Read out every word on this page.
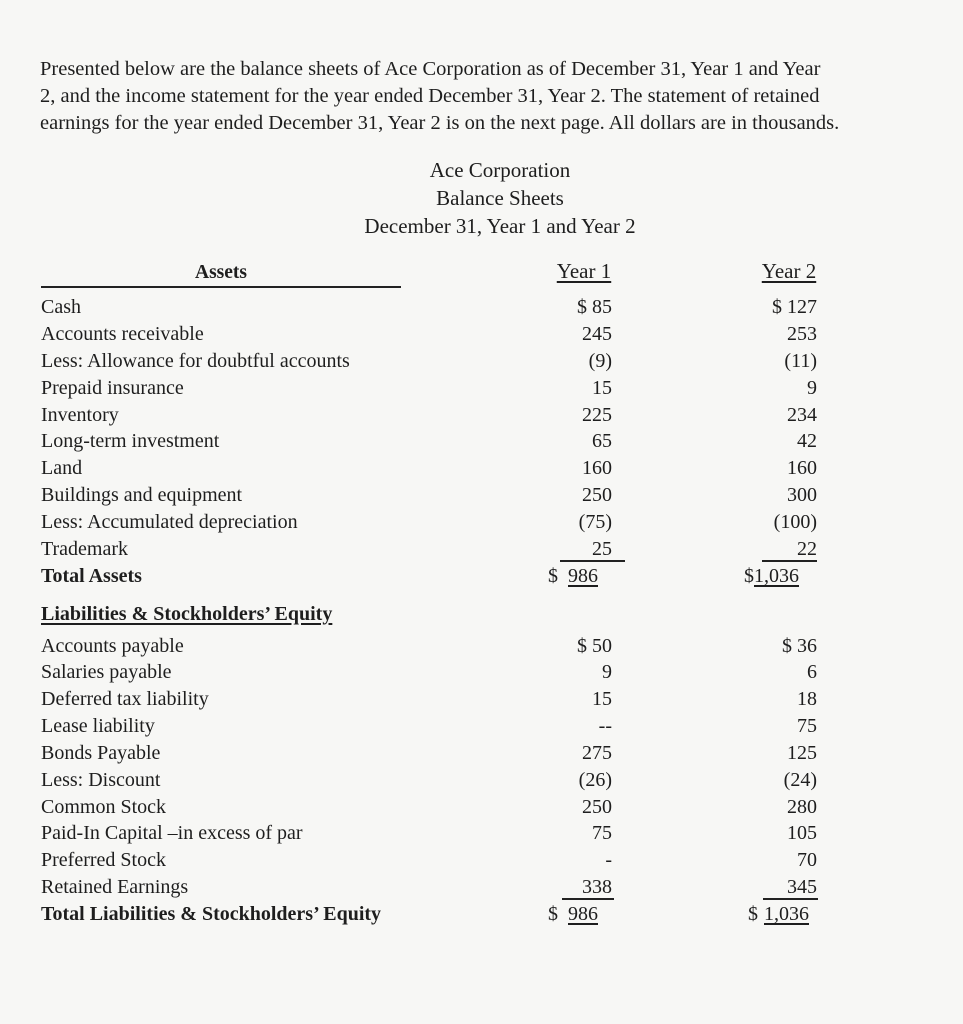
Presented below are the balance sheets of Ace Corporation as of December 31, Year 1 and Year

2, and the income statement for the year ended December 31, Year 2. The statement of retained

earnings for the year ended December 31, Year 2 is on the next page. All dollars are in thousands.

Ace Corporation
Balance Sheets
December 31, Year 1 and Year 2
Assets	Year 1	Year 2
Cash	$ 85	$ 127
Accounts receivable	245	253
Less: Allowance for doubtful accounts	(9)	(11)
Prepaid insurance	15	9
Inventory	225	234
Long-term investment	65	42
Land	160	160
Buildings and equipment	250	300
Less: Accumulated depreciation	(75)	(100)
Trademark	25	22
Total Assets	$ 986	$1,036
Liabilities & Stockholders’ Equity
Accounts payable	$ 50	$ 36
Salaries payable	9	6
Deferred tax liability	15	18
Lease liability	--	75
Bonds Payable	275	125
Less: Discount	(26)	(24)
Common Stock	250	280
Paid-In Capital –in excess of par	75	105
Preferred Stock	-	70
Retained Earnings	338	345
Total Liabilities & Stockholders’ Equity	$ 986	$ 1,036
